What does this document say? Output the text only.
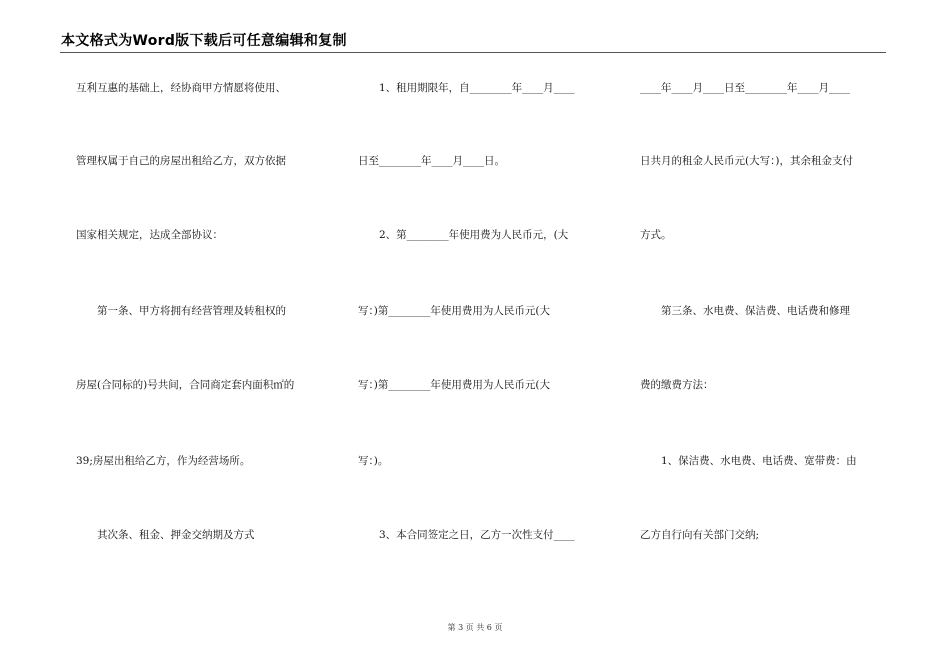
本文格式为Word版下载后可任意编辑和复制
互利互惠的基础上，经协商甲方情愿将使用、
管理权属于自己的房屋出租给乙方，双方依据
国家相关规定，达成全部协议：
　　第一条、甲方将拥有经营管理及转租权的
房屋(合同标的)号共间，合同商定套内面积㎡的
39;房屋出租给乙方，作为经营场所。
　　其次条、租金、押金交纳期及方式
　　1、租用期限年，自________年____月____
日至________年____月____日。
　　2、第________年使用费为人民币元，(大
写：)第________年使用费用为人民币元(大
写：)第________年使用费用为人民币元(大
写：)。
　　3、本合同签定之日，乙方一次性支付____
____年____月____日至________年____月____
日共月的租金人民币元(大写：)，其余租金支付
方式。
　　第三条、水电费、保洁费、电话费和修理
费的缴费方法：
　　1、保洁费、水电费、电话费、宽带费：由
乙方自行向有关部门交纳;
第 3 页 共 6 页
